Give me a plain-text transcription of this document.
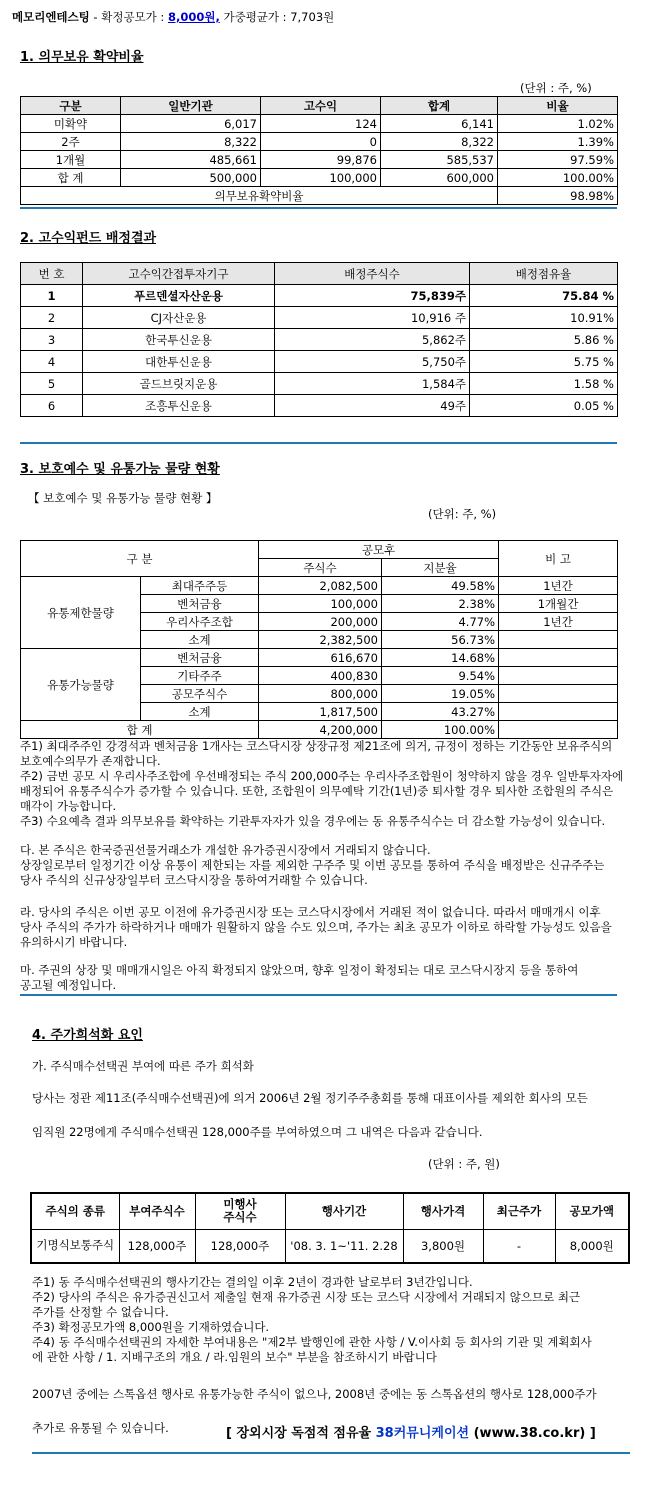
메모리엔테스팅 - 확정공모가 : 8,000원, 가중평균가 : 7,703원
1. 의무보유 확약비율
(단위 : 주, %)
구분	일반기관	고수익	합계	비율
미확약	6,017	124	6,141	1.02%
2주	8,322	0	8,322	1.39%
1개월	485,661	99,876	585,537	97.59%
합 계	500,000	100,000	600,000	100.00%
의무보유확약비율				98.98%
2. 고수익펀드 배정결과
번 호	고수익간접투자기구	배정주식수	배정점유율
1	푸르덴셜자산운용	75,839주	75.84 %
2	CJ자산운용	10,916 주	10.91%
3	한국투신운용	5,862주	5.86 %
4	대한투신운용	5,750주	5.75 %
5	골드브릿지운용	1,584주	1.58 %
6	조흥투신운용	49주	0.05 %
3. 보호예수 및 유통가능 물량 현황
【 보호예수 및 유통가능 물량 현황 】
(단위: 주, %)
구 분		공모후		비 고
		주식수	지분율	
유통제한물량	최대주주등	2,082,500	49.58%	1년간
	벤처금융	100,000	2.38%	1개월간
	우리사주조합	200,000	4.77%	1년간
	소계	2,382,500	56.73%	
유통가능물량	벤처금융	616,670	14.68%	
	기타주주	400,830	9.54%	
	공모주식수	800,000	19.05%	
	소계	1,817,500	43.27%	
합 계		4,200,000	100.00%	
주1) 최대주주인 강경석과 벤처금융 1개사는 코스닥시장 상장규정 제21조에 의거, 규정이 정하는 기간동안 보유주식의
보호예수의무가 존재합니다.
주2) 금번 공모 시 우리사주조합에 우선배정되는 주식 200,000주는 우리사주조합원이 청약하지 않을 경우 일반투자자에
배정되어 유통주식수가 증가할 수 있습니다. 또한, 조합원이 의무예탁 기간(1년)중 퇴사할 경우 퇴사한 조합원의 주식은
매각이 가능합니다.
주3) 수요예측 결과 의무보유를 확약하는 기관투자자가 있을 경우에는 동 유통주식수는 더 감소할 가능성이 있습니다.
다. 본 주식은 한국증권선물거래소가 개설한 유가증권시장에서 거래되지 않습니다.
상장일로부터 일정기간 이상 유통이 제한되는 자를 제외한 구주주 및 이번 공모를 통하여 주식을 배정받은 신규주주는
당사 주식의 신규상장일부터 코스닥시장을 통하여거래할 수 있습니다.
라. 당사의 주식은 이번 공모 이전에 유가증권시장 또는 코스닥시장에서 거래된 적이 없습니다. 따라서 매매개시 이후
당사 주식의 주가가 하락하거나 매매가 원활하지 않을 수도 있으며, 주가는 최초 공모가 이하로 하락할 가능성도 있음을
유의하시기 바랍니다.
마. 주권의 상장 및 매매개시일은 아직 확정되지 않았으며, 향후 일정이 확정되는 대로 코스닥시장지 등을 통하여
공고될 예정입니다.
4. 주가희석화 요인
가. 주식매수선택권 부여에 따른 주가 희석화
당사는 정관 제11조(주식매수선택권)에 의거 2006년 2월 정기주주총회를 통해 대표이사를 제외한 회사의 모든
임직원 22명에게 주식매수선택권 128,000주를 부여하였으며 그 내역은 다음과 같습니다.
(단위 : 주, 원)
주식의 종류	부여주식수	미행사
주식수	행사기간	행사가격	최근주가	공모가액
기명식보통주식	128,000주	128,000주	'08. 3. 1~'11. 2.28	3,800원	-	8,000원
주1) 동 주식매수선택권의 행사기간는 결의일 이후 2년이 경과한 날로부터 3년간입니다.
주2) 당사의 주식은 유가증권신고서 제출일 현재 유가증권 시장 또는 코스닥 시장에서 거래되지 않으므로 최근
주가를 산정할 수 없습니다.
주3) 확정공모가액 8,000원을 기재하였습니다.
주4) 동 주식매수선택권의 자세한 부여내용은 "제2부 발행인에 관한 사항 / V.이사회 등 회사의 기관 및 계획회사
에 관한 사항 / 1. 지배구조의 개요 / 라.임원의 보수" 부분을 참조하시기 바랍니다
2007년 중에는 스톡옵션 행사로 유통가능한 주식이 없으나, 2008년 중에는 동 스톡옵션의 행사로 128,000주가
추가로 유통될 수 있습니다.	[ 장외시장 독점적 점유율 38커뮤니케이션 (www.38.co.kr) ]
